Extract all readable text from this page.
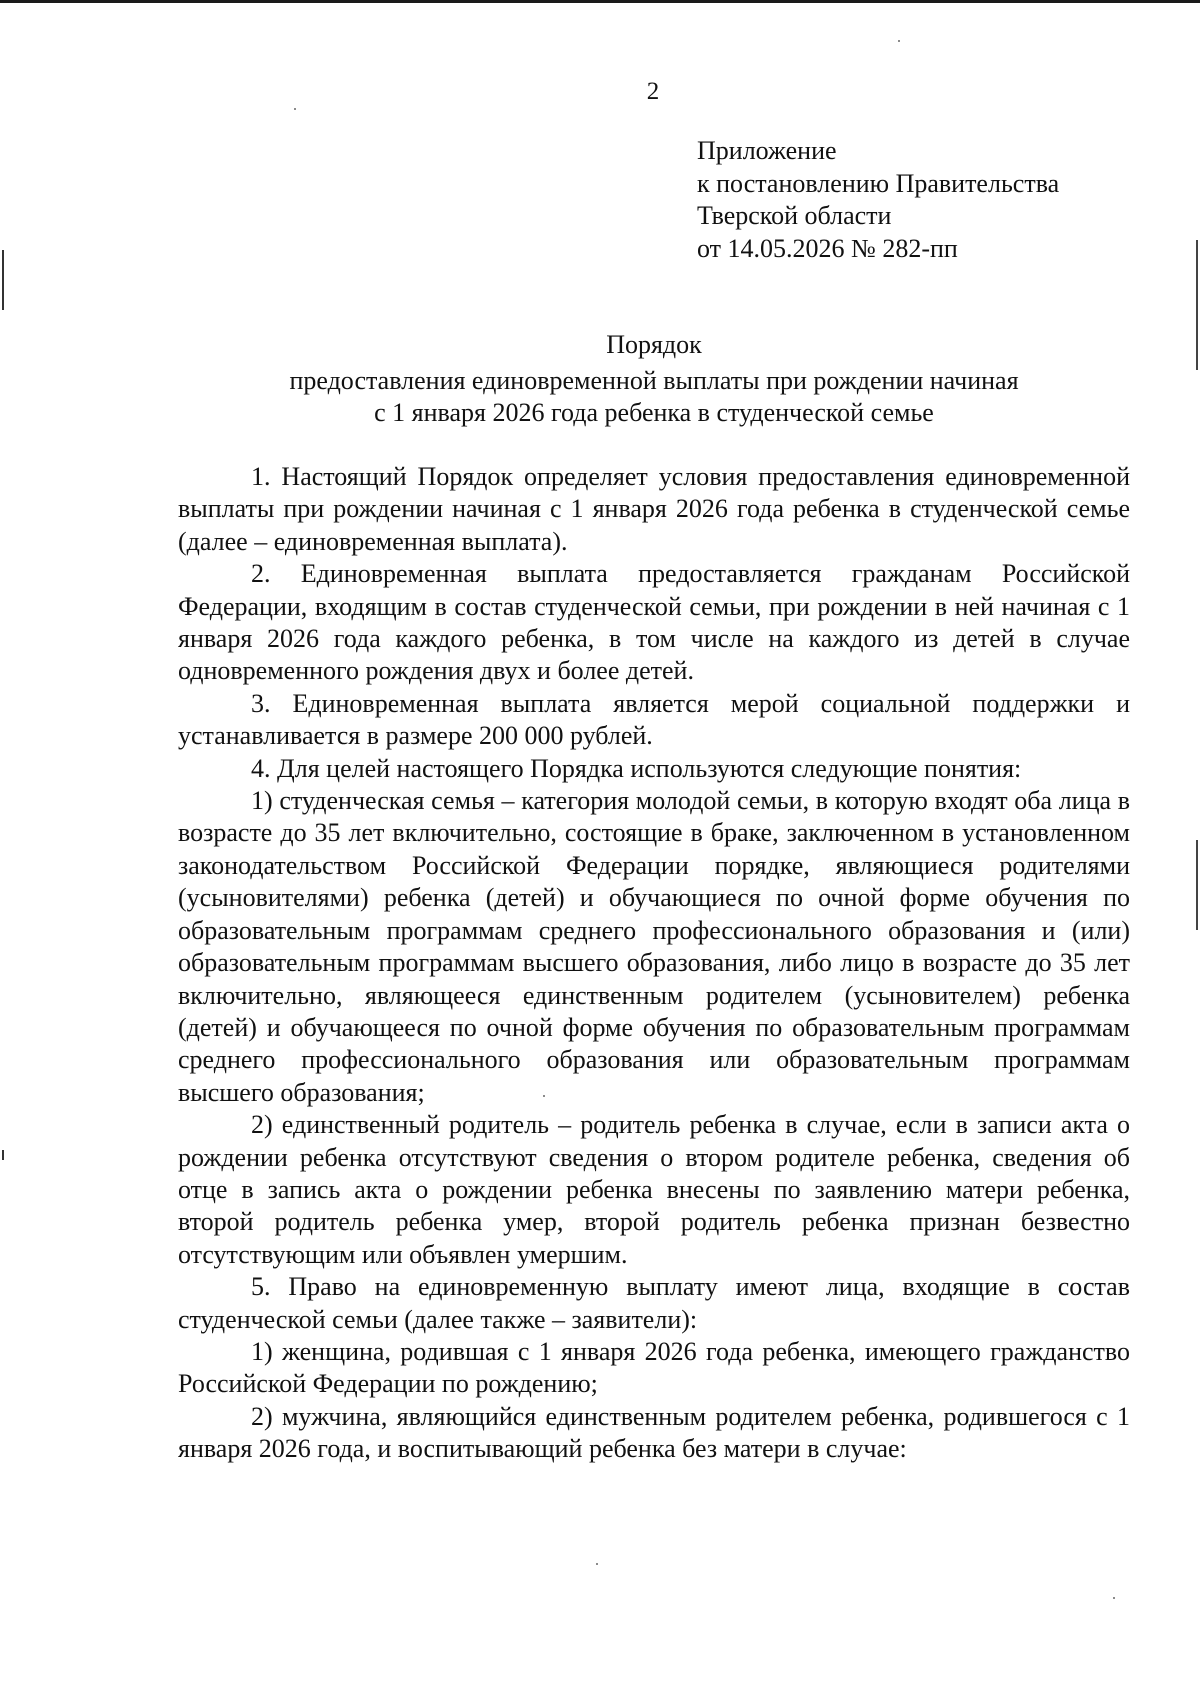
2
Приложение
к постановлению Правительства
Тверской области
от 14.05.2026 № 282-пп
Порядок
предоставления единовременной выплаты при рождении начиная
с 1 января 2026 года ребенка в студенческой семье

1. Настоящий Порядок определяет условия предоставления единовременной выплаты при рождении начиная с 1 января 2026 года ребенка в студенческой семье (далее – единовременная выплата).

2. Единовременная выплата предоставляется гражданам Российской Федерации, входящим в состав студенческой семьи, при рождении в ней начиная с 1 января 2026 года каждого ребенка, в том числе на каждого из детей в случае одновременного рождения двух и более детей.

3. Единовременная выплата является мерой социальной поддержки и устанавливается в размере 200 000 рублей.

4. Для целей настоящего Порядка используются следующие понятия:

1) студенческая семья – категория молодой семьи, в которую входят оба лица в возрасте до 35 лет включительно, состоящие в браке, заключенном в установленном законодательством Российской Федерации порядке, являющиеся родителями (усыновителями) ребенка (детей) и обучающиеся по очной форме обучения по образовательным программам среднего профессионального образования и (или) образовательным программам высшего образования, либо лицо в возрасте до 35 лет включительно, являющееся единственным родителем (усыновителем) ребенка (детей) и обучающееся по очной форме обучения по образовательным программам среднего профессионального образования или образовательным программам высшего образования;

2) единственный родитель – родитель ребенка в случае, если в записи акта о рождении ребенка отсутствуют сведения о втором родителе ребенка, сведения об отце в запись акта о рождении ребенка внесены по заявлению матери ребенка, второй родитель ребенка умер, второй родитель ребенка признан безвестно отсутствующим или объявлен умершим.

5. Право на единовременную выплату имеют лица, входящие в состав студенческой семьи (далее также – заявители):

1) женщина, родившая с 1 января 2026 года ребенка, имеющего гражданство Российской Федерации по рождению;

2) мужчина, являющийся единственным родителем ребенка, родившегося с 1 января 2026 года, и воспитывающий ребенка без матери в случае:
